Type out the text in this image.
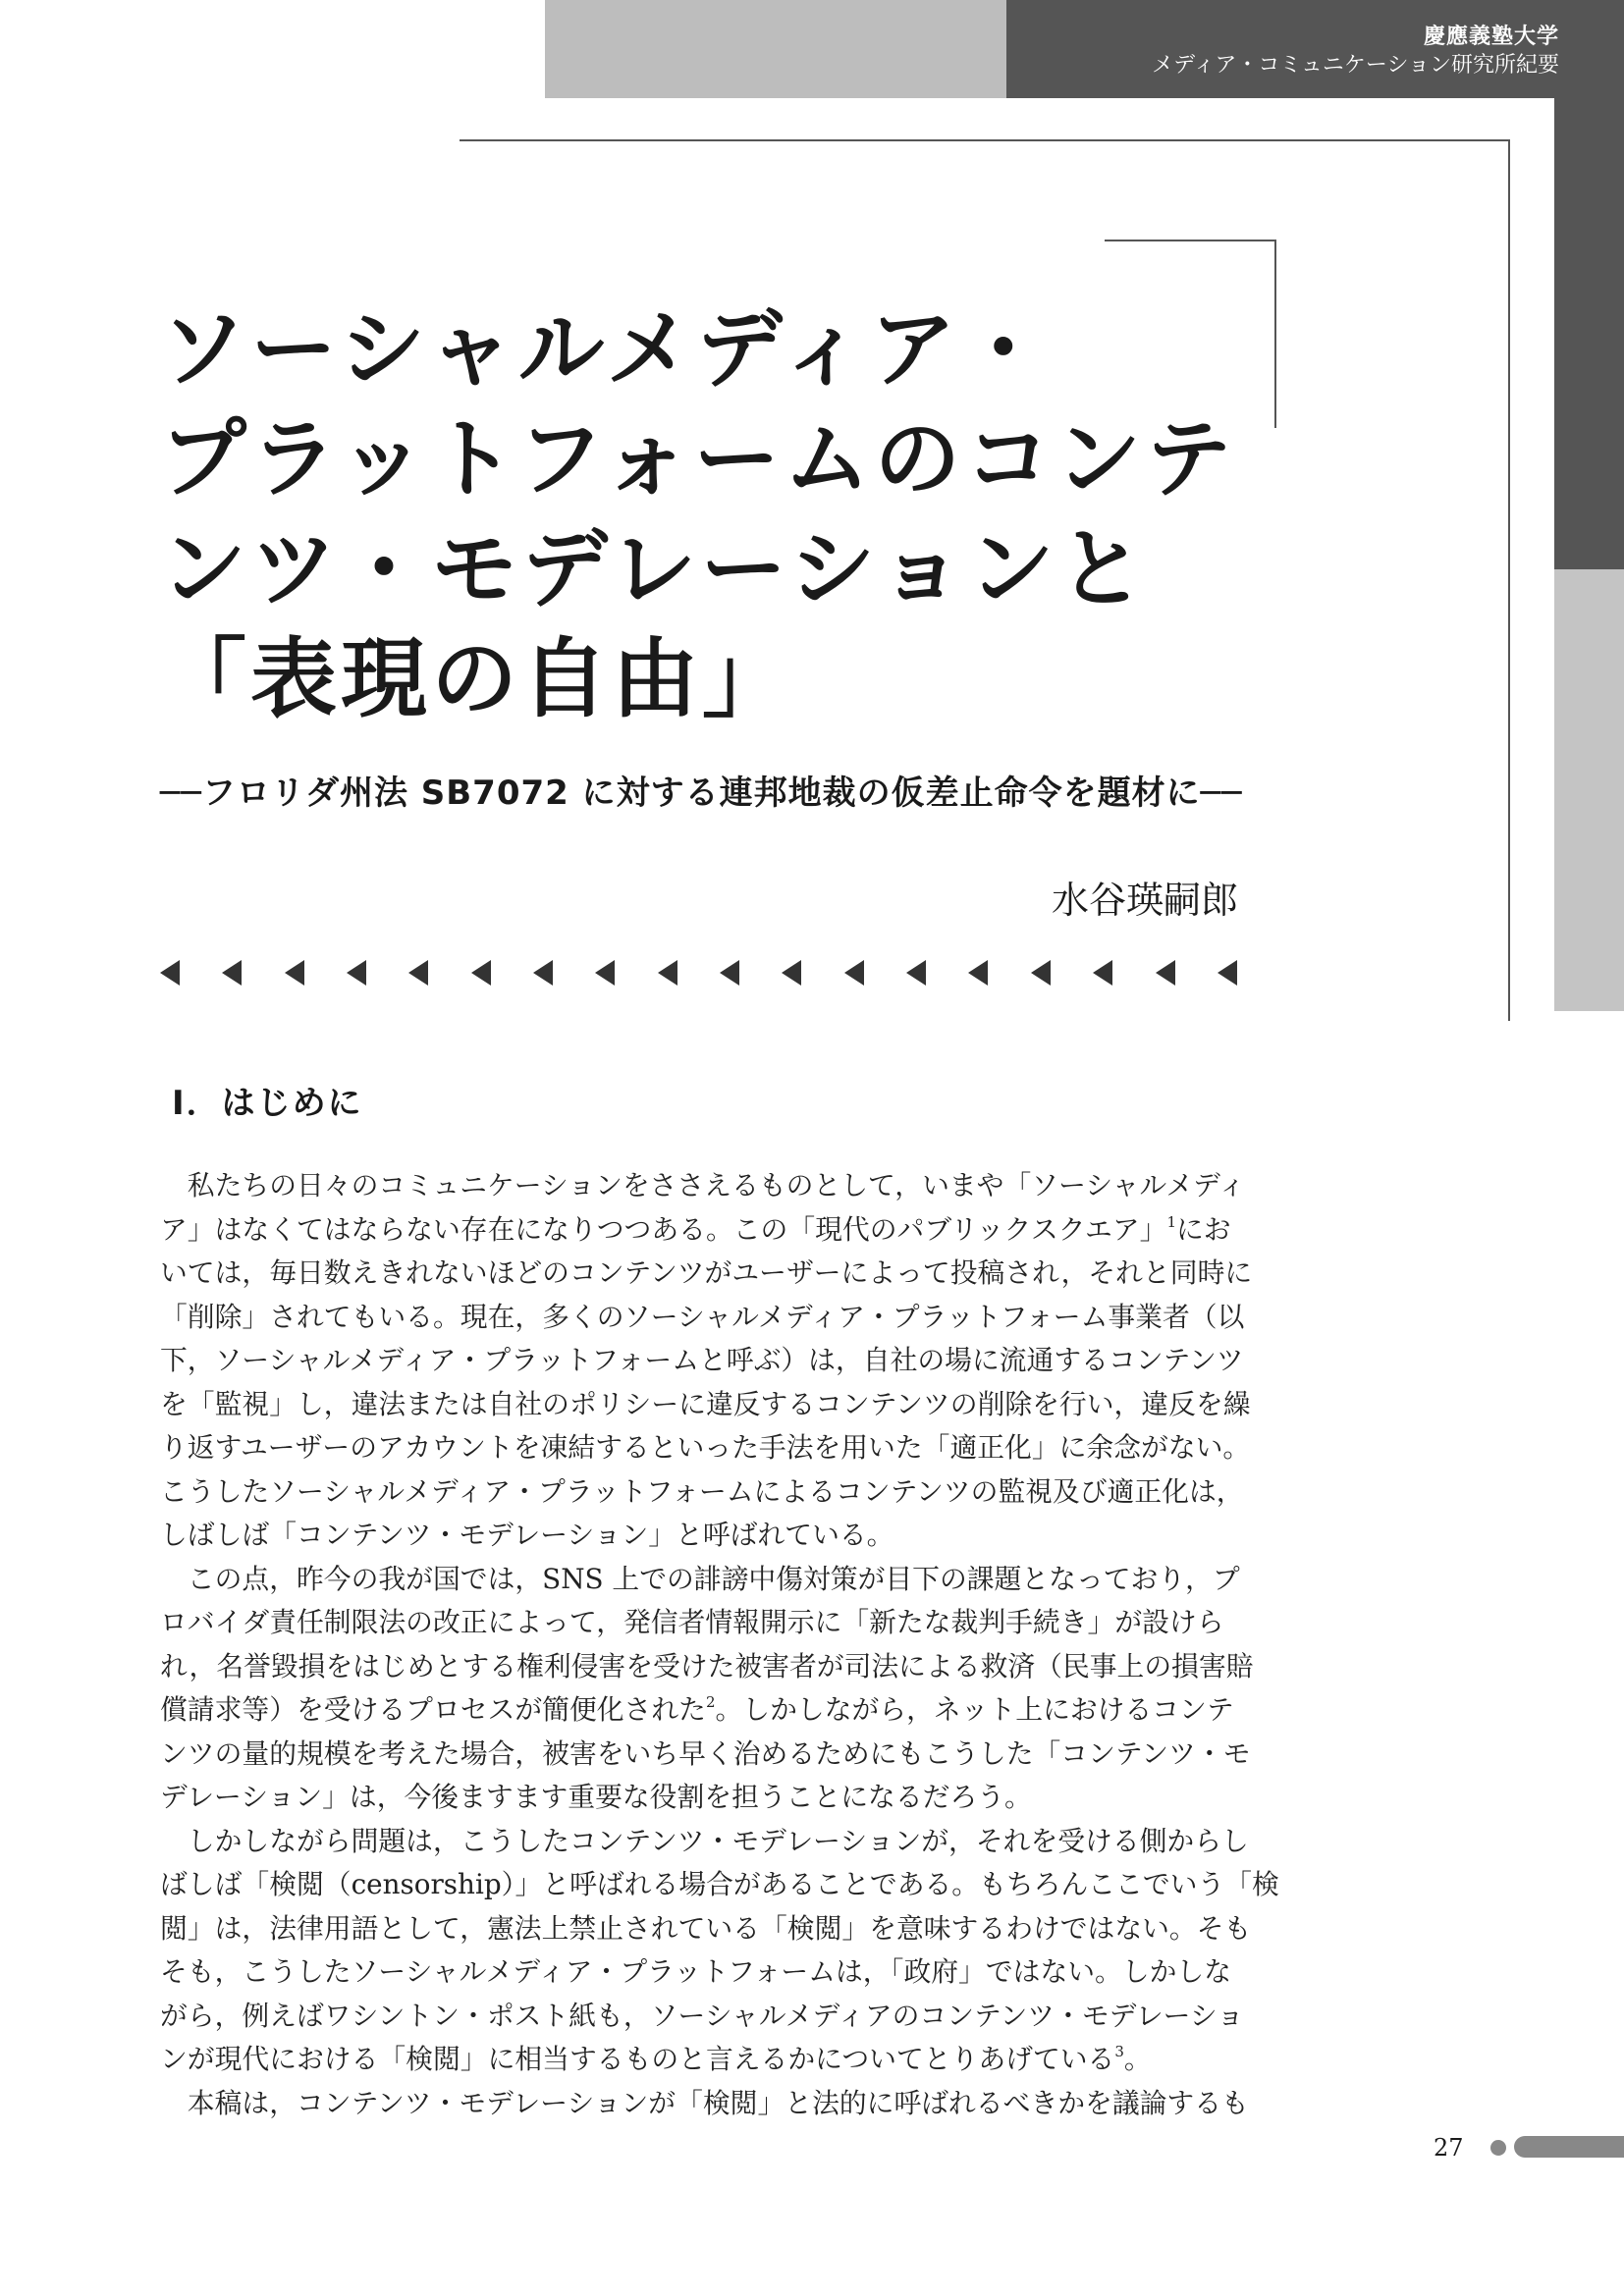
慶應義塾大学
メディア・コミュニケーション研究所紀要
ソーシャルメディア・
プラットフォームのコンテ
ンツ・モデレーションと
「表現の自由」
──フロリダ州法 SB7072 に対する連邦地裁の仮差止命令を題材に──
水谷瑛嗣郎
Ⅰ．はじめに

私たちの日々のコミュニケーションをささえるものとして，いまや「ソーシャルメディ
ア」はなくてはならない存在になりつつある。この「現代のパブリックスクエア」$^1$にお
いては，毎日数えきれないほどのコンテンツがユーザーによって投稿され，それと同時に
「削除」されてもいる。現在，多くのソーシャルメディア・プラットフォーム事業者（以
下，ソーシャルメディア・プラットフォームと呼ぶ）は，自社の場に流通するコンテンツ
を「監視」し，違法または自社のポリシーに違反するコンテンツの削除を行い，違反を繰
り返すユーザーのアカウントを凍結するといった手法を用いた「適正化」に余念がない。
こうしたソーシャルメディア・プラットフォームによるコンテンツの監視及び適正化は，
しばしば「コンテンツ・モデレーション」と呼ばれている。

この点，昨今の我が国では，SNS 上での誹謗中傷対策が目下の課題となっており，プ
ロバイダ責任制限法の改正によって，発信者情報開示に「新たな裁判手続き」が設けら
れ，名誉毀損をはじめとする権利侵害を受けた被害者が司法による救済（民事上の損害賠
償請求等）を受けるプロセスが簡便化された$^2$。しかしながら，ネット上におけるコンテ
ンツの量的規模を考えた場合，被害をいち早く治めるためにもこうした「コンテンツ・モ
デレーション」は，今後ますます重要な役割を担うことになるだろう。

しかしながら問題は，こうしたコンテンツ・モデレーションが，それを受ける側からし
ばしば「検閲（censorship）」と呼ばれる場合があることである。もちろんここでいう「検
閲」は，法律用語として，憲法上禁止されている「検閲」を意味するわけではない。そも
そも，こうしたソーシャルメディア・プラットフォームは，「政府」ではない。しかしな
がら，例えばワシントン・ポスト紙も，ソーシャルメディアのコンテンツ・モデレーショ
ンが現代における「検閲」に相当するものと言えるかについてとりあげている$^3$。

本稿は，コンテンツ・モデレーションが「検閲」と法的に呼ばれるべきかを議論するも

27
